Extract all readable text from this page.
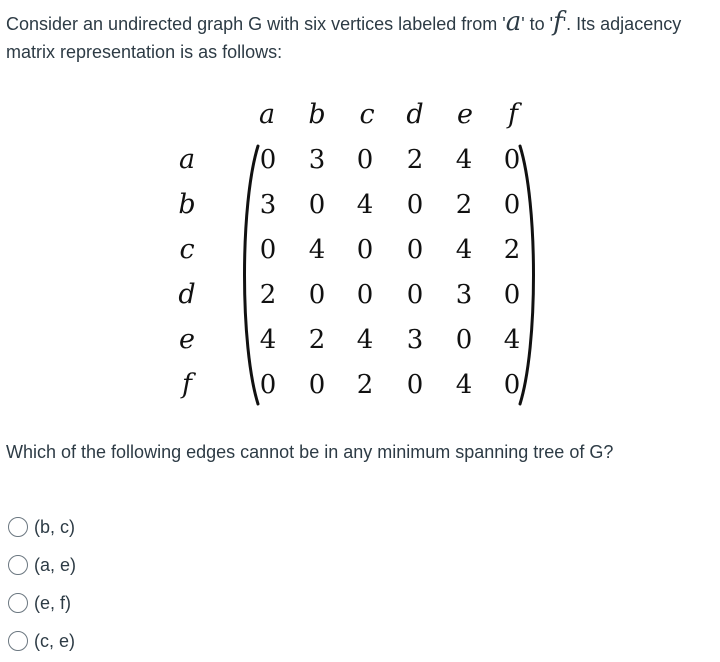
Consider an undirected graph G with six vertices labeled from 'a' to 'f'. Its adjacency matrix representation is as follows:

a b c d e	f
a
b
c
d
e
f
0 3 0 2 4 0
3 0 4 0 2 0
0 4 0 0 4 2
2 0 0 0 3 0
4 2 4 3 0 4
0 0 2 0 4 0

Which of the following edges cannot be in any minimum spanning tree of G?

(b, c)
(a, e)
(e, f)
(c, e)
